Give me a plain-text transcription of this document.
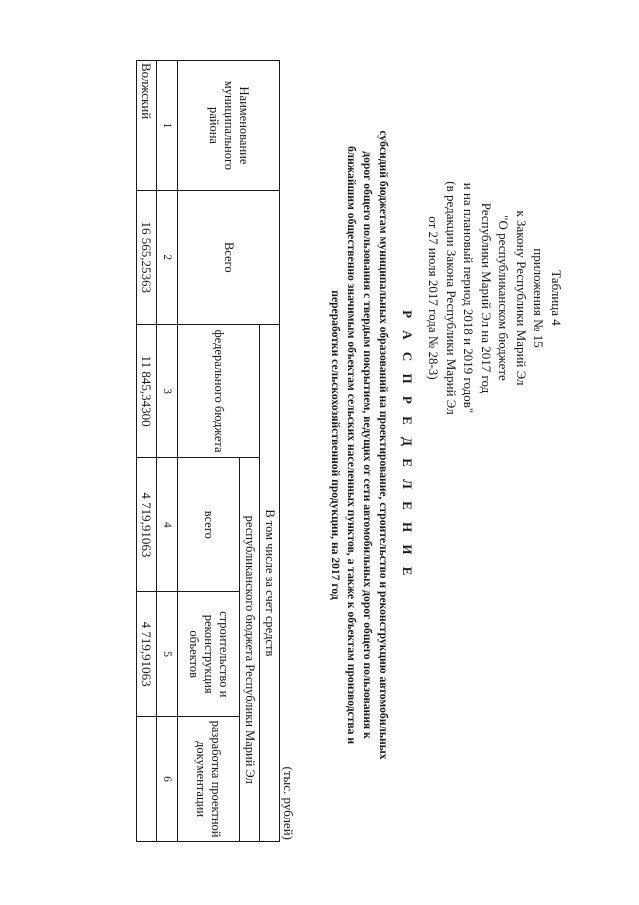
Таблица 4
приложения № 15
к Закону Республики Марий Эл
"О республиканском бюджете
Республики Марий Эл на 2017 год
и на плановый период 2018 и 2019 годов"
(в редакции Закона Республики Марий Эл
от 27 июля 2017 года № 28-З)
Р А С П Р Е Д Е Л Е Н И Е
субсидий бюджетам муниципальных образований на проектирование, строительство и реконструкцию автомобильных
дорог общего пользования с твердым покрытием, ведущих от сети автомобильных дорог общего пользования к
ближайшим общественно значимым объектам сельских населенных пунктов, а также к объектам производства и
переработки сельскохозяйственной продукции, на 2017 год
(тыс. рублей)
Наименование муниципального района	Всего	В том числе за счет средств			
		федерального бюджета	республиканского бюджета Республики Марий Эл		
			всего	строительство и реконструкция объектов	разработка проектной документации
1	2	3	4	5	6
Волжский	16 565,25363	11 845,34300	4 719,91063	4 719,91063	
